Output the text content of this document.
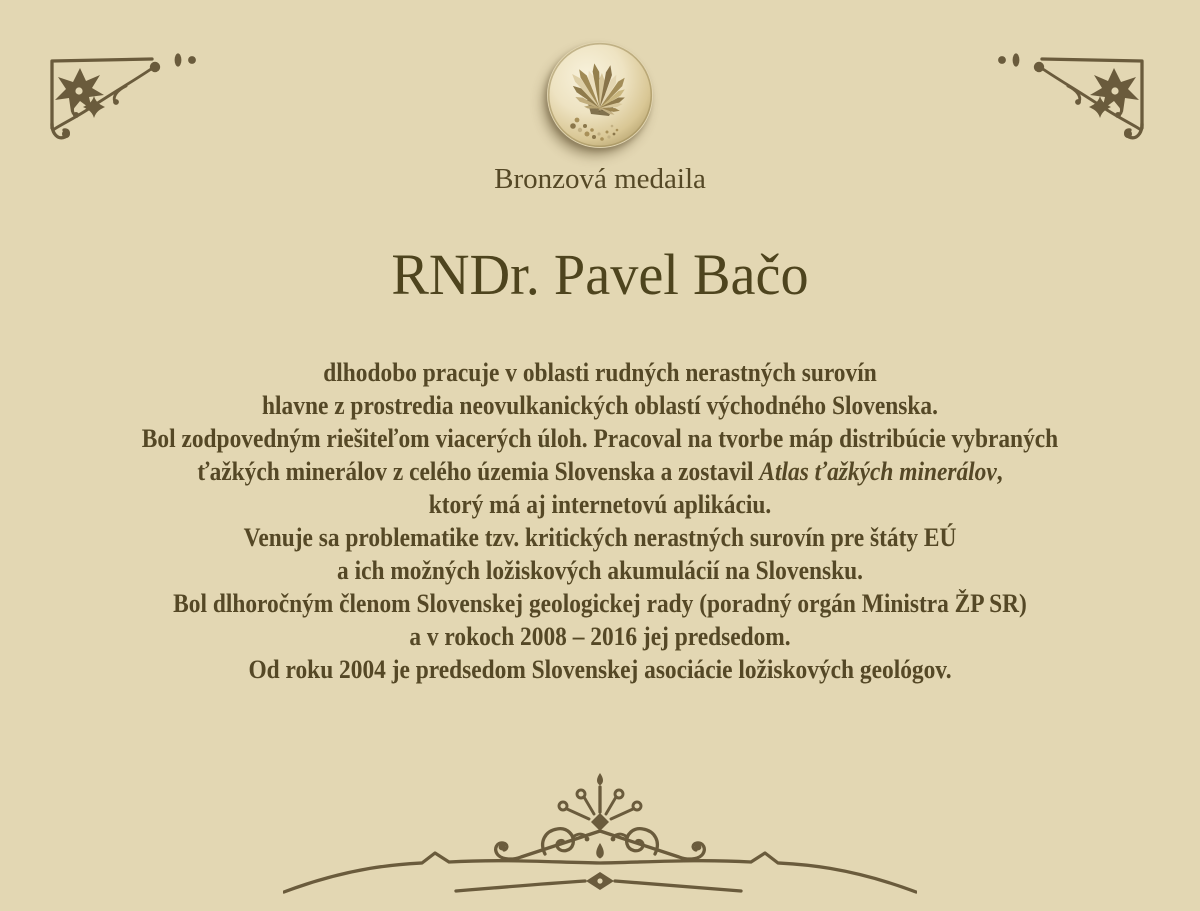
Bronzová medaila
RNDr. Pavel Bačo
dlhodobo pracuje v oblasti rudných nerastných surovín
hlavne z prostredia neovulkanických oblastí východného Slovenska.
Bol zodpovedným riešiteľom viacerých úloh. Pracoval na tvorbe máp distribúcie vybraných
ťažkých minerálov z celého územia Slovenska a zostavil Atlas ťažkých minerálov,
ktorý má aj internetovú aplikáciu.
Venuje sa problematike tzv. kritických nerastných surovín pre štáty EÚ
a ich možných ložiskových akumulácií na Slovensku.
Bol dlhoročným členom Slovenskej geologickej rady (poradný orgán Ministra ŽP SR)
a v rokoch 2008 – 2016 jej predsedom.
Od roku 2004 je predsedom Slovenskej asociácie ložiskových geológov.
